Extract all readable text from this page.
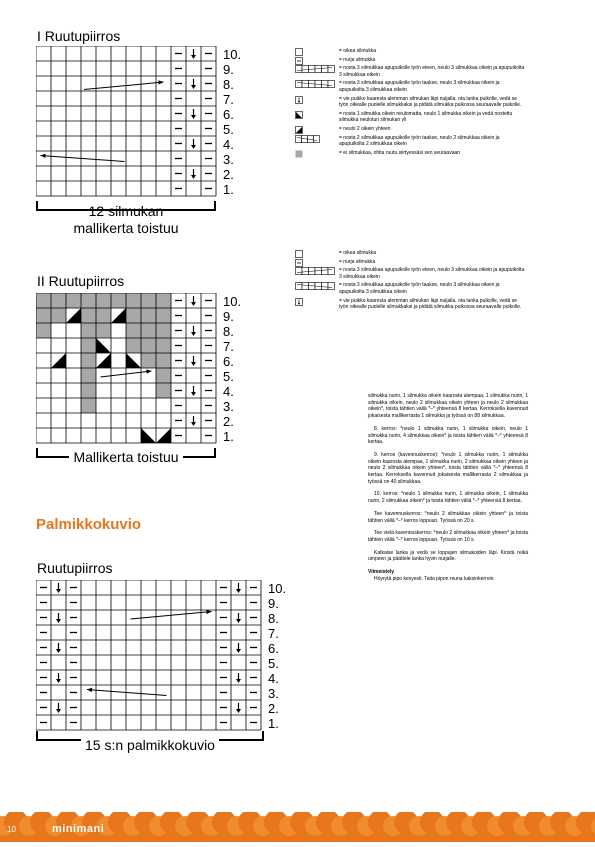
I Ruutupiirros
10.
9.
8.
7.
6.
5.
4.
3.
2.
1.
12 silmukan
mallikerta toistuu
= oikea silmukka
= nurja silmukka
= nosta 3 silmukkaa apupuikolle työn eteen, neulo 3 silmukkaa oikein ja apupuikolta 3 silmukkaa oikein
= nosta 3 silmukkaa apupuikolle työn taakse, neulo 3 silmukkaa oikein ja apupuikolta 3 silmukkaa oikein
= vie puikko kaaresta alemman silmukan läpi nuijalla, ota lanka puikolle, vedä se työn oikealle puolelle silmukkaksi ja pidätä silmukka puikossa seuraavalle puikolle.
= nosta 1 silmukka oikein neulomatta, neulo 1 silmukka oikein ja vedä nostettu silmukka neulotun silmukan yli
= neulo 2 oikein yhteen
= nosta 2 silmukkaa apupuikolle työn taakse, neulo 2 silmukkaa oikein ja apupuikolta 2 silmukkaa oikein
= ei silmukkaa, ohita ruutu siirtyessäsi sen seuraavaan
II Ruutupiirros
10.
9.
8.
7.
6.
5.
4.
3.
2.
1.
Mallikerta toistuu
= oikea silmukka
= nurja silmukka
= nosta 3 silmukkaa apupuikolle työn eteen, neulo 3 silmukkaa oikein ja apupuikolta 3 silmukkaa oikein
= nosta 3 silmukkaa apupuikolle työn taakse, neulo 3 silmukkaa oikein ja apupuikolta 3 silmukkaa oikein
= vie puikko kaaresta alemman silmukan läpi nuijalla, ota lanka puikolle, vedä se työn oikealle puolelle silmukkaksi ja pidätä silmukka puikossa seuraavalle puikolle.
Palmikkokuvio
Ruutupiirros
10.
9.
8.
7.
6.
5.
4.
3.
2.
1.
15 s:n palmikkokuvio

silmukka nurin, 1 silmukka oikein kaarosta alempaa, 1 silmukka nurin, 1 silmukka oikein, neulo 2 silmukkaa oikein yhteen ja neulo 2 silmukkaa oikein*, toista tähtien väliä *–* yhteensä 8 kertaa. Kerroksella kavennuit jokaisesta mallikerrasta 1 silmukka ja työssä on 88 silmukkaa.

8. kerros: *neulo 1 silmukka nurin, 1 silmukka oikein, neulo 1 silmukka nurin, 4 silmukkaa oikein* ja toista tähtien väliä *–* yhteensä 8 kertaa.

9. kerros (kavennuskerros): *neulo 1 silmukka nurin, 1 silmukka oikein kaarosta alempaa, 1 silmukka nurin, 2 silmukkaa oikein yhteen ja neulo 2 silmukkaa oikein yhteen*, toista tähtien väliä *–* yhteensä 8 kertaa. Kerroksella kavennuit jokaisesta mallikerrasta 2 silmukkaa ja työssä on 40 silmukkaa.

10. kerros: *neulo 1 silmukka nurin, 1 silmukka oikein, 1 silmukka nurin, 2 silmukkaa oikein* ja toista tähtien väliä *–* yhteensä 8 kertaa.

Tee kavennuskerros: *neulo 2 silmukkaa oikein yhteen* ja toista tähtien väliä *–* kerros loppuun. Työssä on 20 s.

Tee vielä kavennuskerros: *neulo 2 silmukkaa oikein yhteen* ja toista tähtien väliä *–* kerros loppuun. Työssä on 10 s.

Katkaise lanka ja vedä se loppujen silmukoiden läpi. Kiristä reikä umpeen ja päättele lanka hyvin nurjalle.

Viimeistely

Höyrytä pipo kevyesti. Taita pipon reuna kaksinkerroin.

10	minimani
